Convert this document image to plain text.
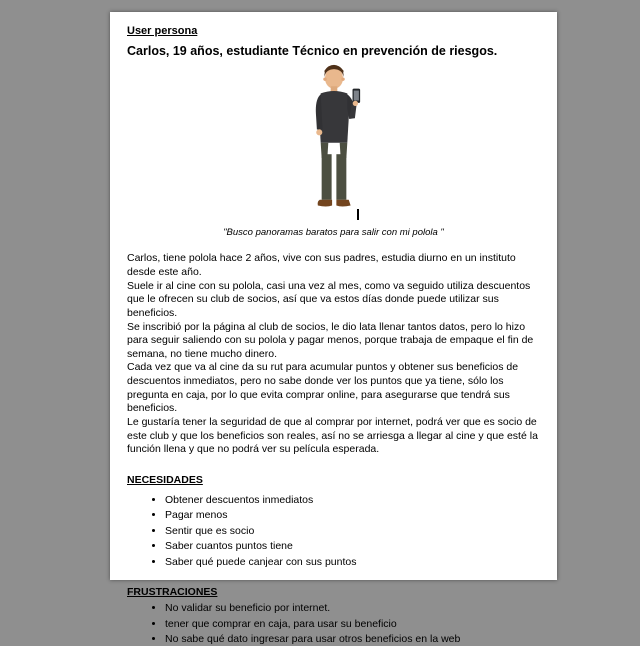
User persona

Carlos, 19 años, estudiante Técnico en prevención de riesgos.

"Busco panoramas baratos para salir con mi polola "

Carlos, tiene polola hace 2 años, vive con sus padres, estudia diurno en un instituto desde este año.

Suele ir al cine con su polola, casi una vez al mes, como va seguido utiliza descuentos que le ofrecen su club de socios, así que va estos días donde puede utilizar sus beneficios.

Se inscribió por la página al club de socios, le dio lata llenar tantos datos, pero lo hizo para seguir saliendo con su polola y pagar menos, porque trabaja de empaque el fin de semana, no tiene mucho dinero.

Cada vez que va al cine da su rut para acumular puntos y obtener sus beneficios de descuentos inmediatos, pero no sabe donde ver los puntos que ya tiene, sólo los pregunta en caja, por lo que evita comprar online, para asegurarse que tendrá sus beneficios.

Le gustaría tener la seguridad de que al comprar por internet, podrá ver que es socio de este club y que los beneficios son reales, así no se arriesga a llegar al cine y que esté la función llena y que no podrá ver su película esperada.

NECESIDADES

• Obtener descuentos inmediatos
• Pagar menos
• Sentir que es socio
• Saber cuantos puntos tiene
• Saber qué puede canjear con sus puntos

FRUSTRACIONES

• No validar su beneficio por internet.
• tener que comprar en caja, para usar su beneficio
• No sabe qué dato ingresar para usar otros beneficios en la web
